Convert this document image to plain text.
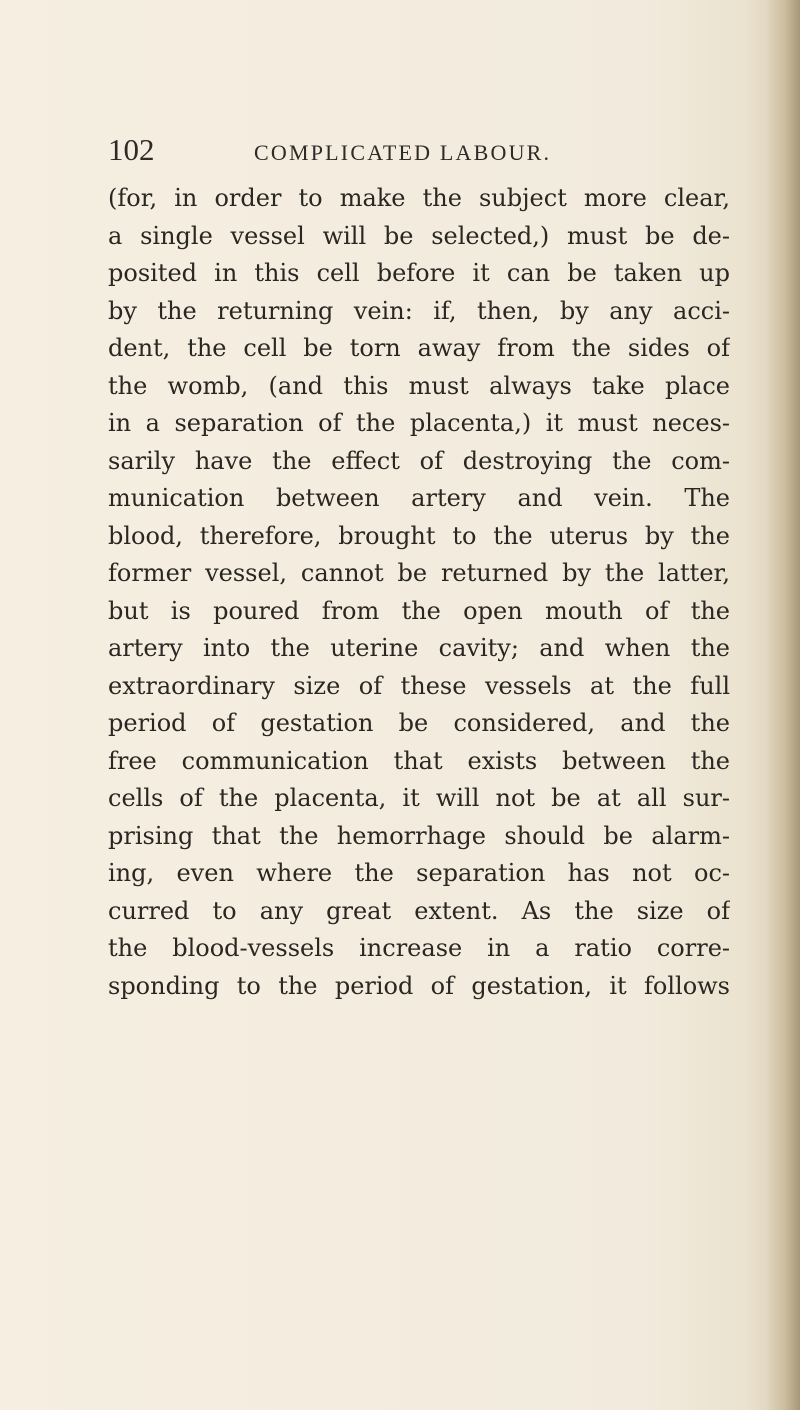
102	COMPLICATED LABOUR.
(for, in order to make the subject more clear,
a single vessel will be selected,) must be de-
posited in this cell before it can be taken up
by the returning vein: if, then, by any acci-
dent, the cell be torn away from the sides of
the womb, (and this must always take place
in a separation of the placenta,) it must neces-
sarily have the effect of destroying the com-
munication between artery and vein. The
blood, therefore, brought to the uterus by the
former vessel, cannot be returned by the latter,
but is poured from the open mouth of the
artery into the uterine cavity; and when the
extraordinary size of these vessels at the full
period of gestation be considered, and the
free communication that exists between the
cells of the placenta, it will not be at all sur-
prising that the hemorrhage should be alarm-
ing, even where the separation has not oc-
curred to any great extent. As the size of
the blood-vessels increase in a ratio corre-
sponding to the period of gestation, it follows
